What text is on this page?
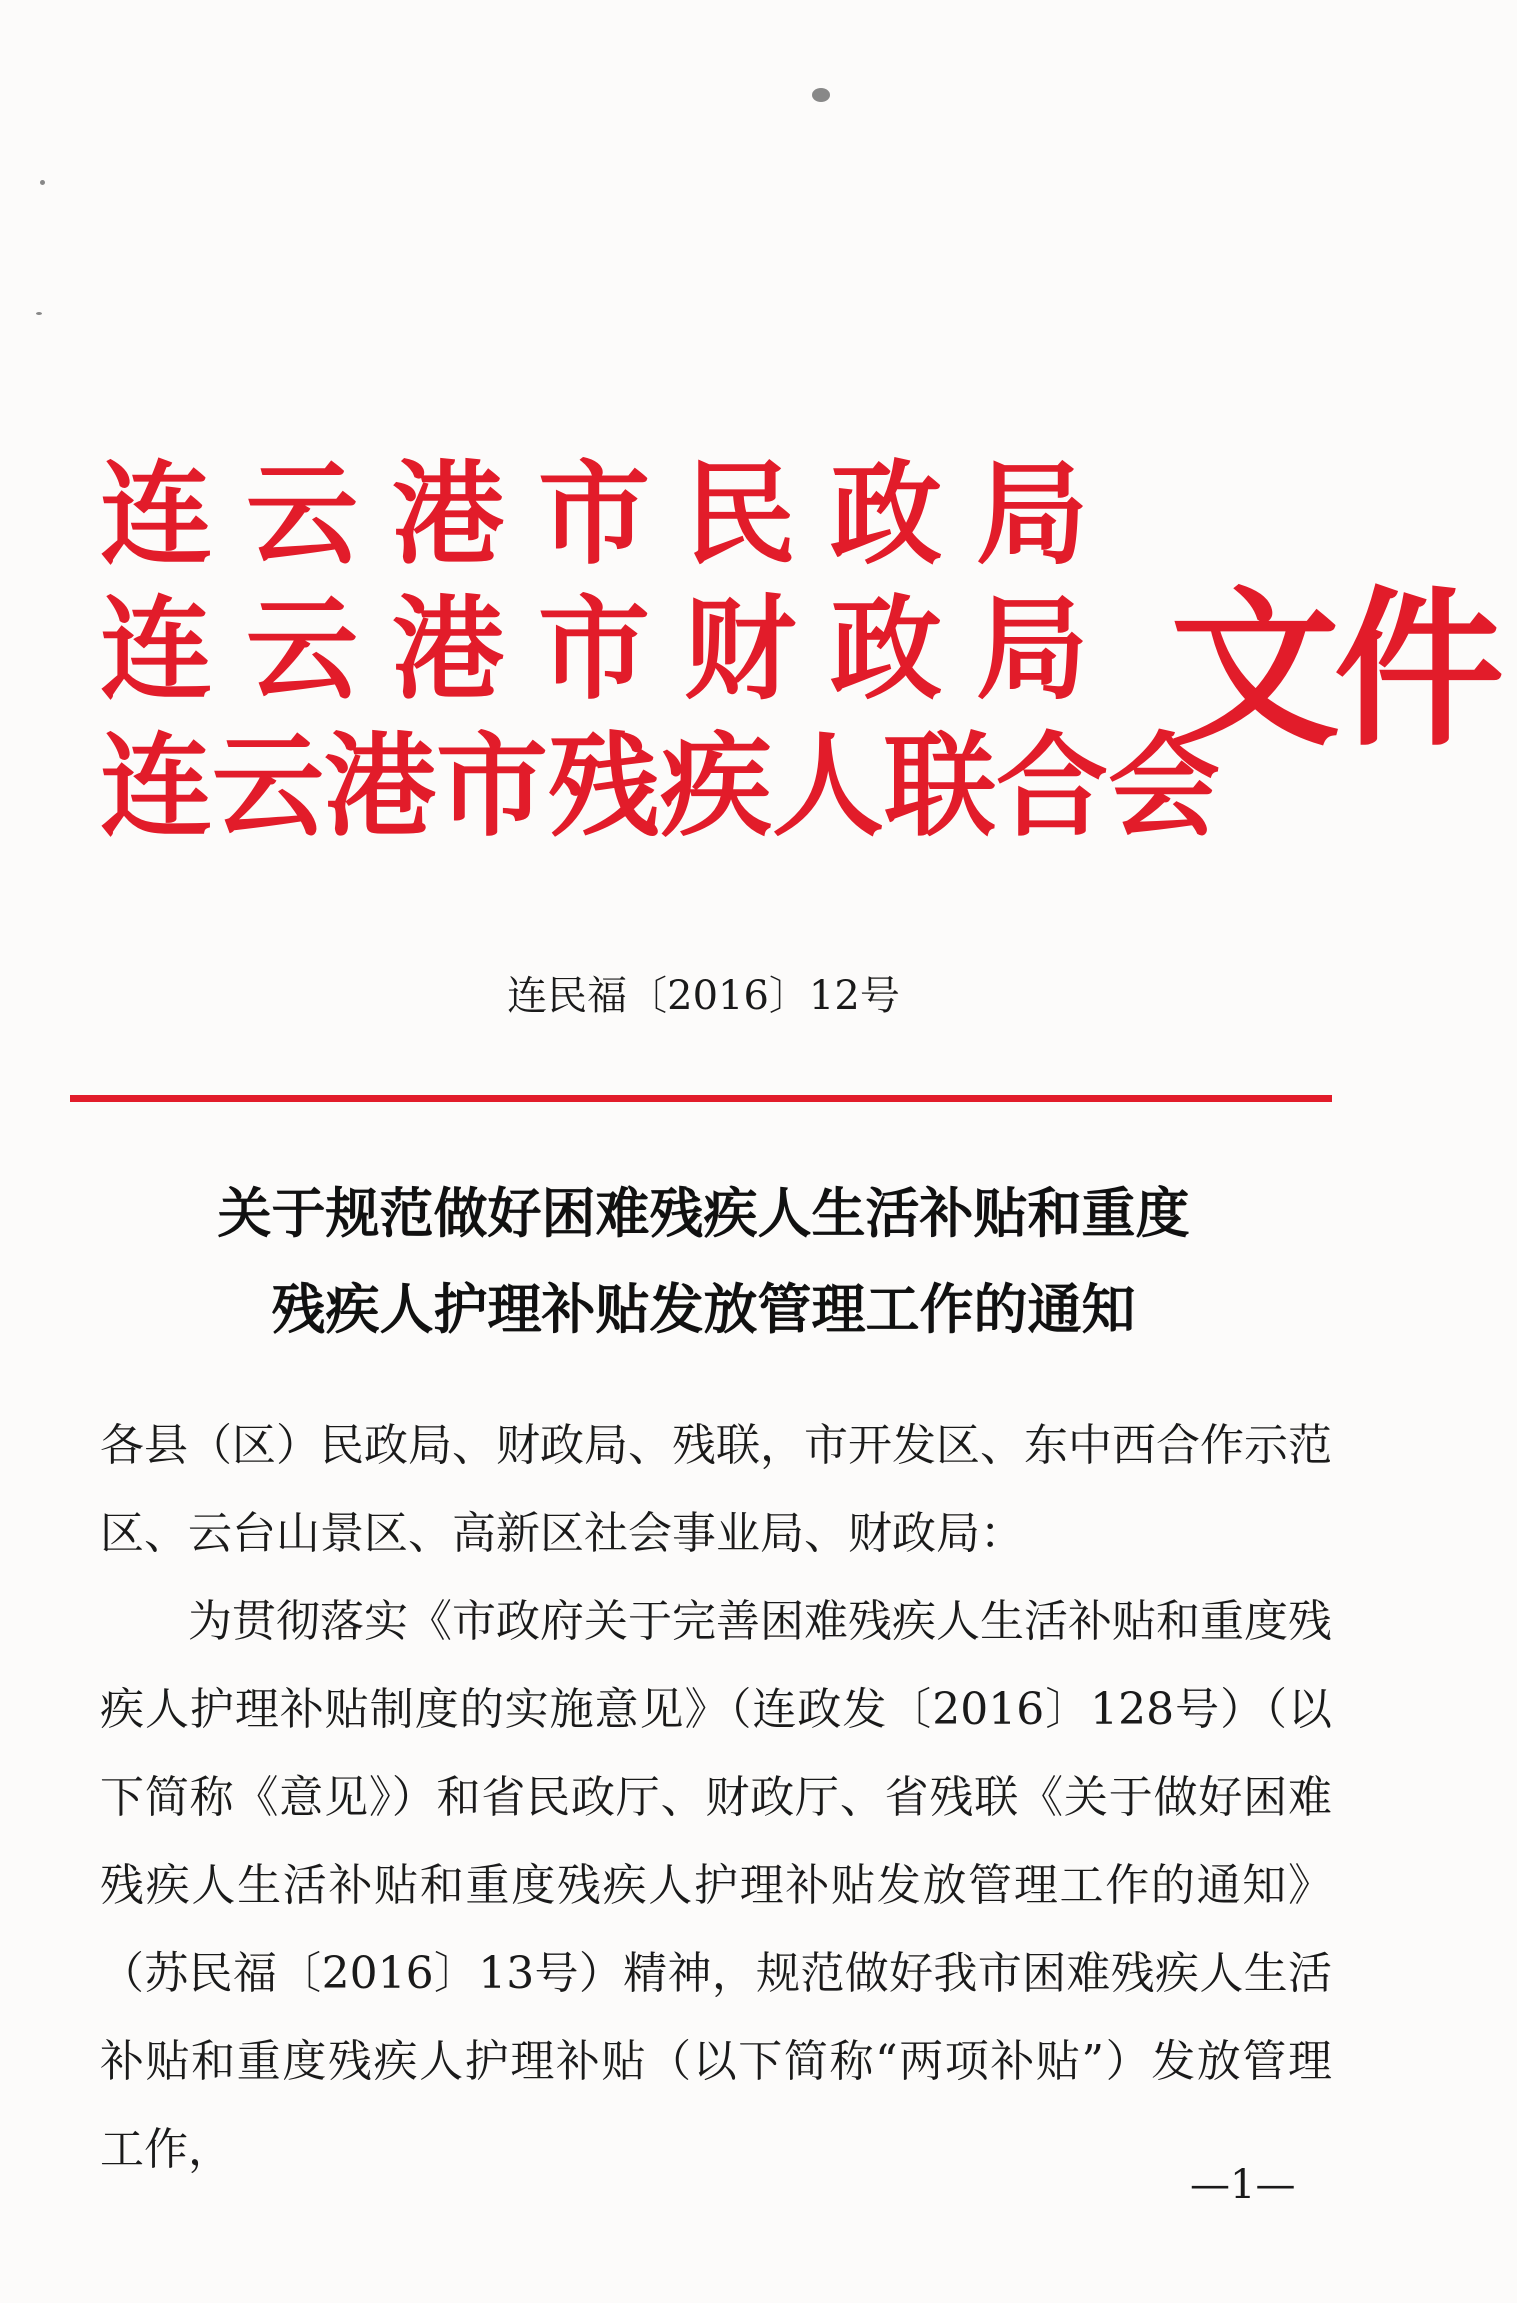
连云港市民政局
连云港市财政局
连云港市残疾人联合会
文件
连民福〔2016〕12号
关于规范做好困难残疾人生活补贴和重度
残疾人护理补贴发放管理工作的通知

各县（区）民政局、财政局、残联，市开发区、东中西合作示范区、云台山景区、高新区社会事业局、财政局：

为贯彻落实《市政府关于完善困难残疾人生活补贴和重度残疾人护理补贴制度的实施意见》（连政发〔2016〕128号）（以下简称《意见》）和省民政厅、财政厅、省残联《关于做好困难残疾人生活补贴和重度残疾人护理补贴发放管理工作的通知》（苏民福〔2016〕13号）精神，规范做好我市困难残疾人生活补贴和重度残疾人护理补贴（以下简称“两项补贴”）发放管理工作，

—1—
